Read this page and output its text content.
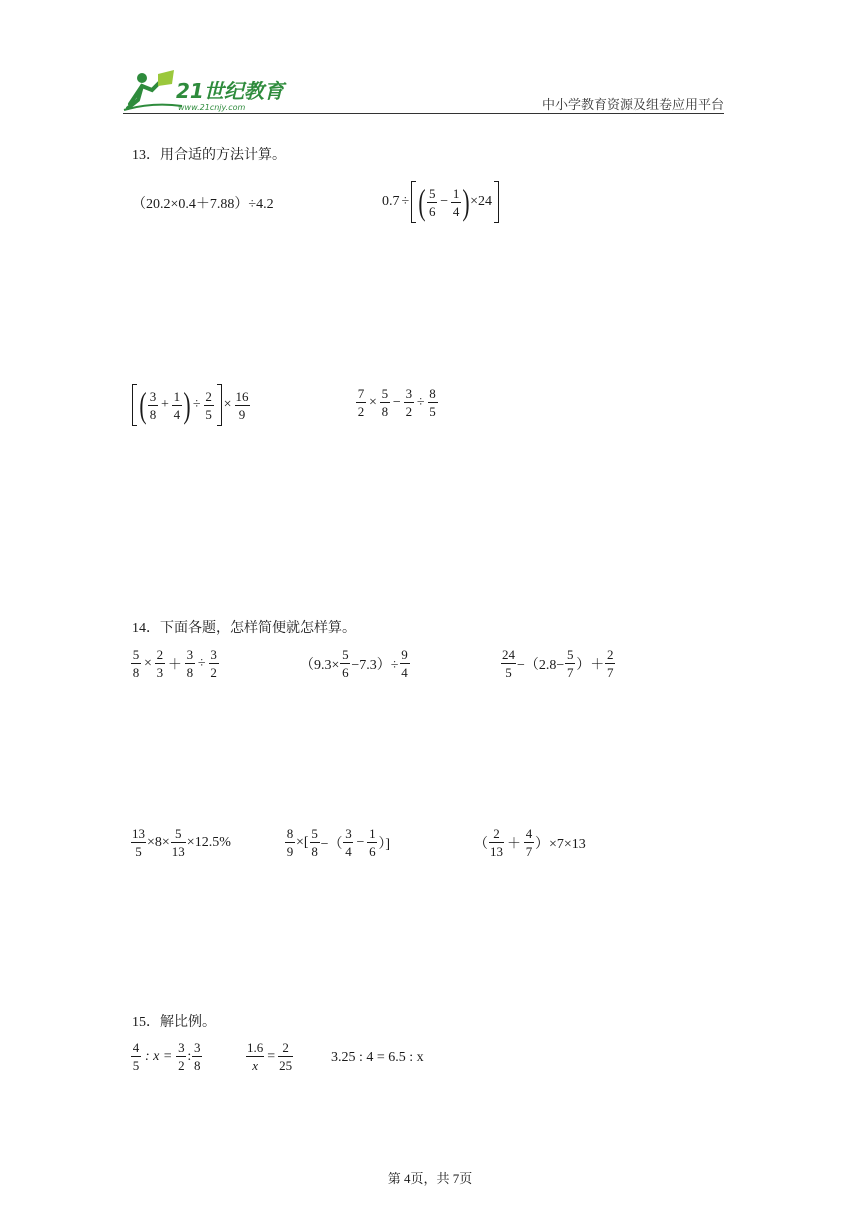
21世纪教育
www.21cnjy.com	中小学教育资源及组卷应用平台
13．用合适的方法计算。
（20.2×0.4＋7.88）÷4.2	0.7 ÷ ( $\frac{5}{6} - \frac{1}{4}$ ) ×24
( $\frac{3}{8} + \frac{1}{4}$ ) ÷ $\frac{2}{5} \times \frac{16}{9}$	$\frac{7}{2} \times \frac{5}{8} - \frac{3}{2} \div \frac{8}{5}$
14．下面各题，怎样简便就怎样算。
$\frac{5}{8} \times \frac{2}{3} + \frac{3}{8} \div \frac{3}{2}$	$(9.3\times \frac{5}{6} -7.3)\div \frac{9}{4}$	$\frac{24}{5} -(2.8- \frac{5}{7}$ ）＋ $\frac{2}{7}$
$\frac{13}{5} \times 8\times \frac{5}{13} \times 12.5\%$	$\frac{8}{9}$ ×[ $\frac{5}{8}$ −（ $\frac{3}{4} - \frac{1}{6}$ ）]	（ $\frac{2}{13} + \frac{4}{7} )\times 7\times 13$
15．解比例。
$\frac{4}{5}$ : $x = \frac{3}{2}$ : $\frac{3}{8}$	$\frac{1.6}{x} = \frac{2}{25}$	3.25 : 4 = 6.5 : x
第 4页，共 7页
